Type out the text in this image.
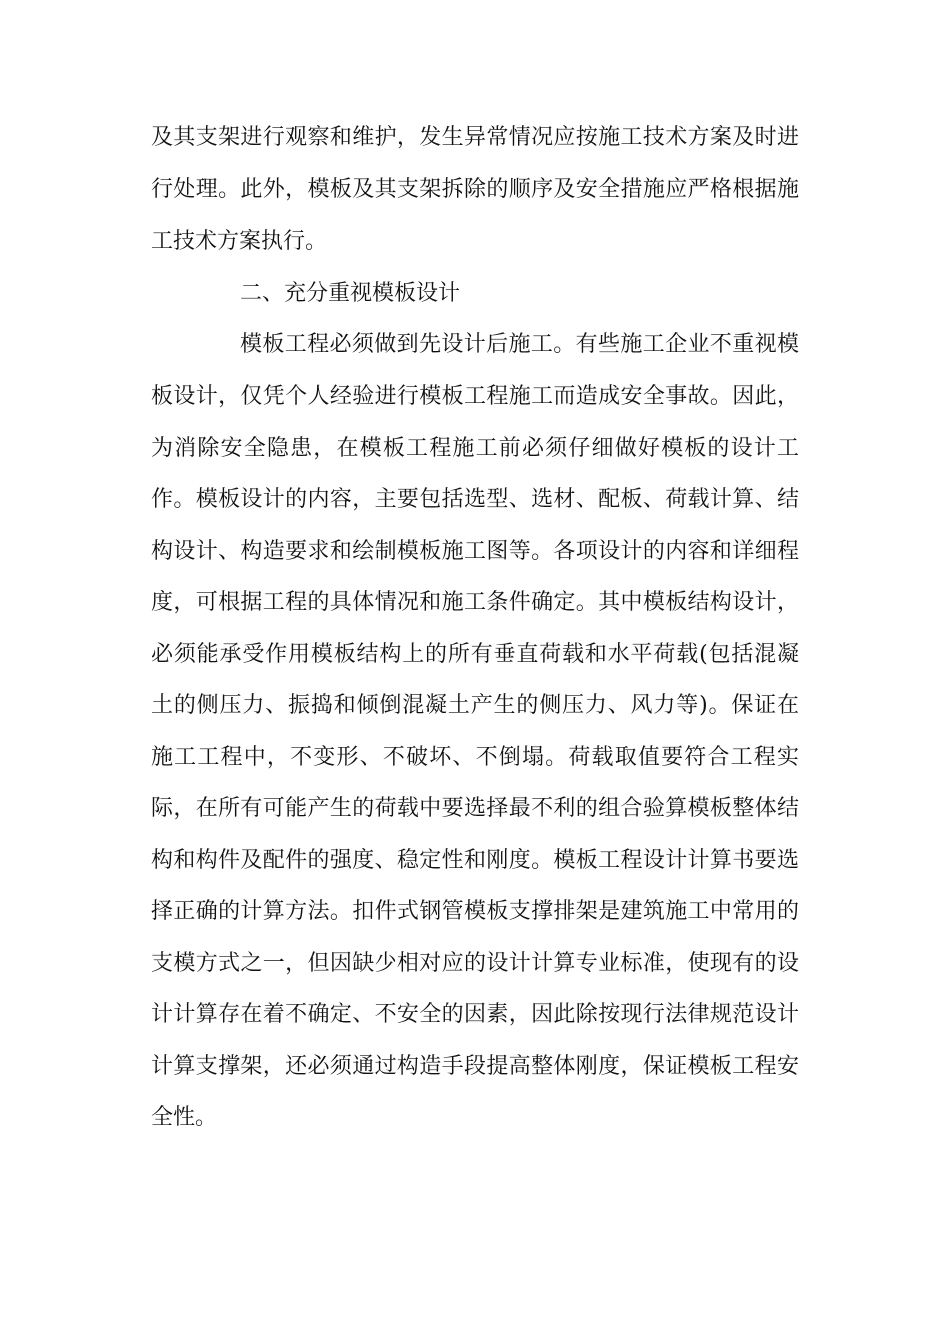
及其支架进行观察和维护，发生异常情况应按施工技术方案及时进
行处理。此外，模板及其支架拆除的顺序及安全措施应严格根据施
工技术方案执行。
二、充分重视模板设计
模板工程必须做到先设计后施工。有些施工企业不重视模
板设计，仅凭个人经验进行模板工程施工而造成安全事故。因此，
为消除安全隐患，在模板工程施工前必须仔细做好模板的设计工
作。模板设计的内容，主要包括选型、选材、配板、荷载计算、结
构设计、构造要求和绘制模板施工图等。各项设计的内容和详细程
度，可根据工程的具体情况和施工条件确定。其中模板结构设计，
必须能承受作用模板结构上的所有垂直荷载和水平荷载(包括混凝
土的侧压力、振捣和倾倒混凝土产生的侧压力、风力等)。保证在
施工工程中，不变形、不破坏、不倒塌。荷载取值要符合工程实
际，在所有可能产生的荷载中要选择最不利的组合验算模板整体结
构和构件及配件的强度、稳定性和刚度。模板工程设计计算书要选
择正确的计算方法。扣件式钢管模板支撑排架是建筑施工中常用的
支模方式之一，但因缺少相对应的设计计算专业标准，使现有的设
计计算存在着不确定、不安全的因素，因此除按现行法律规范设计
计算支撑架，还必须通过构造手段提高整体刚度，保证模板工程安
全性。
